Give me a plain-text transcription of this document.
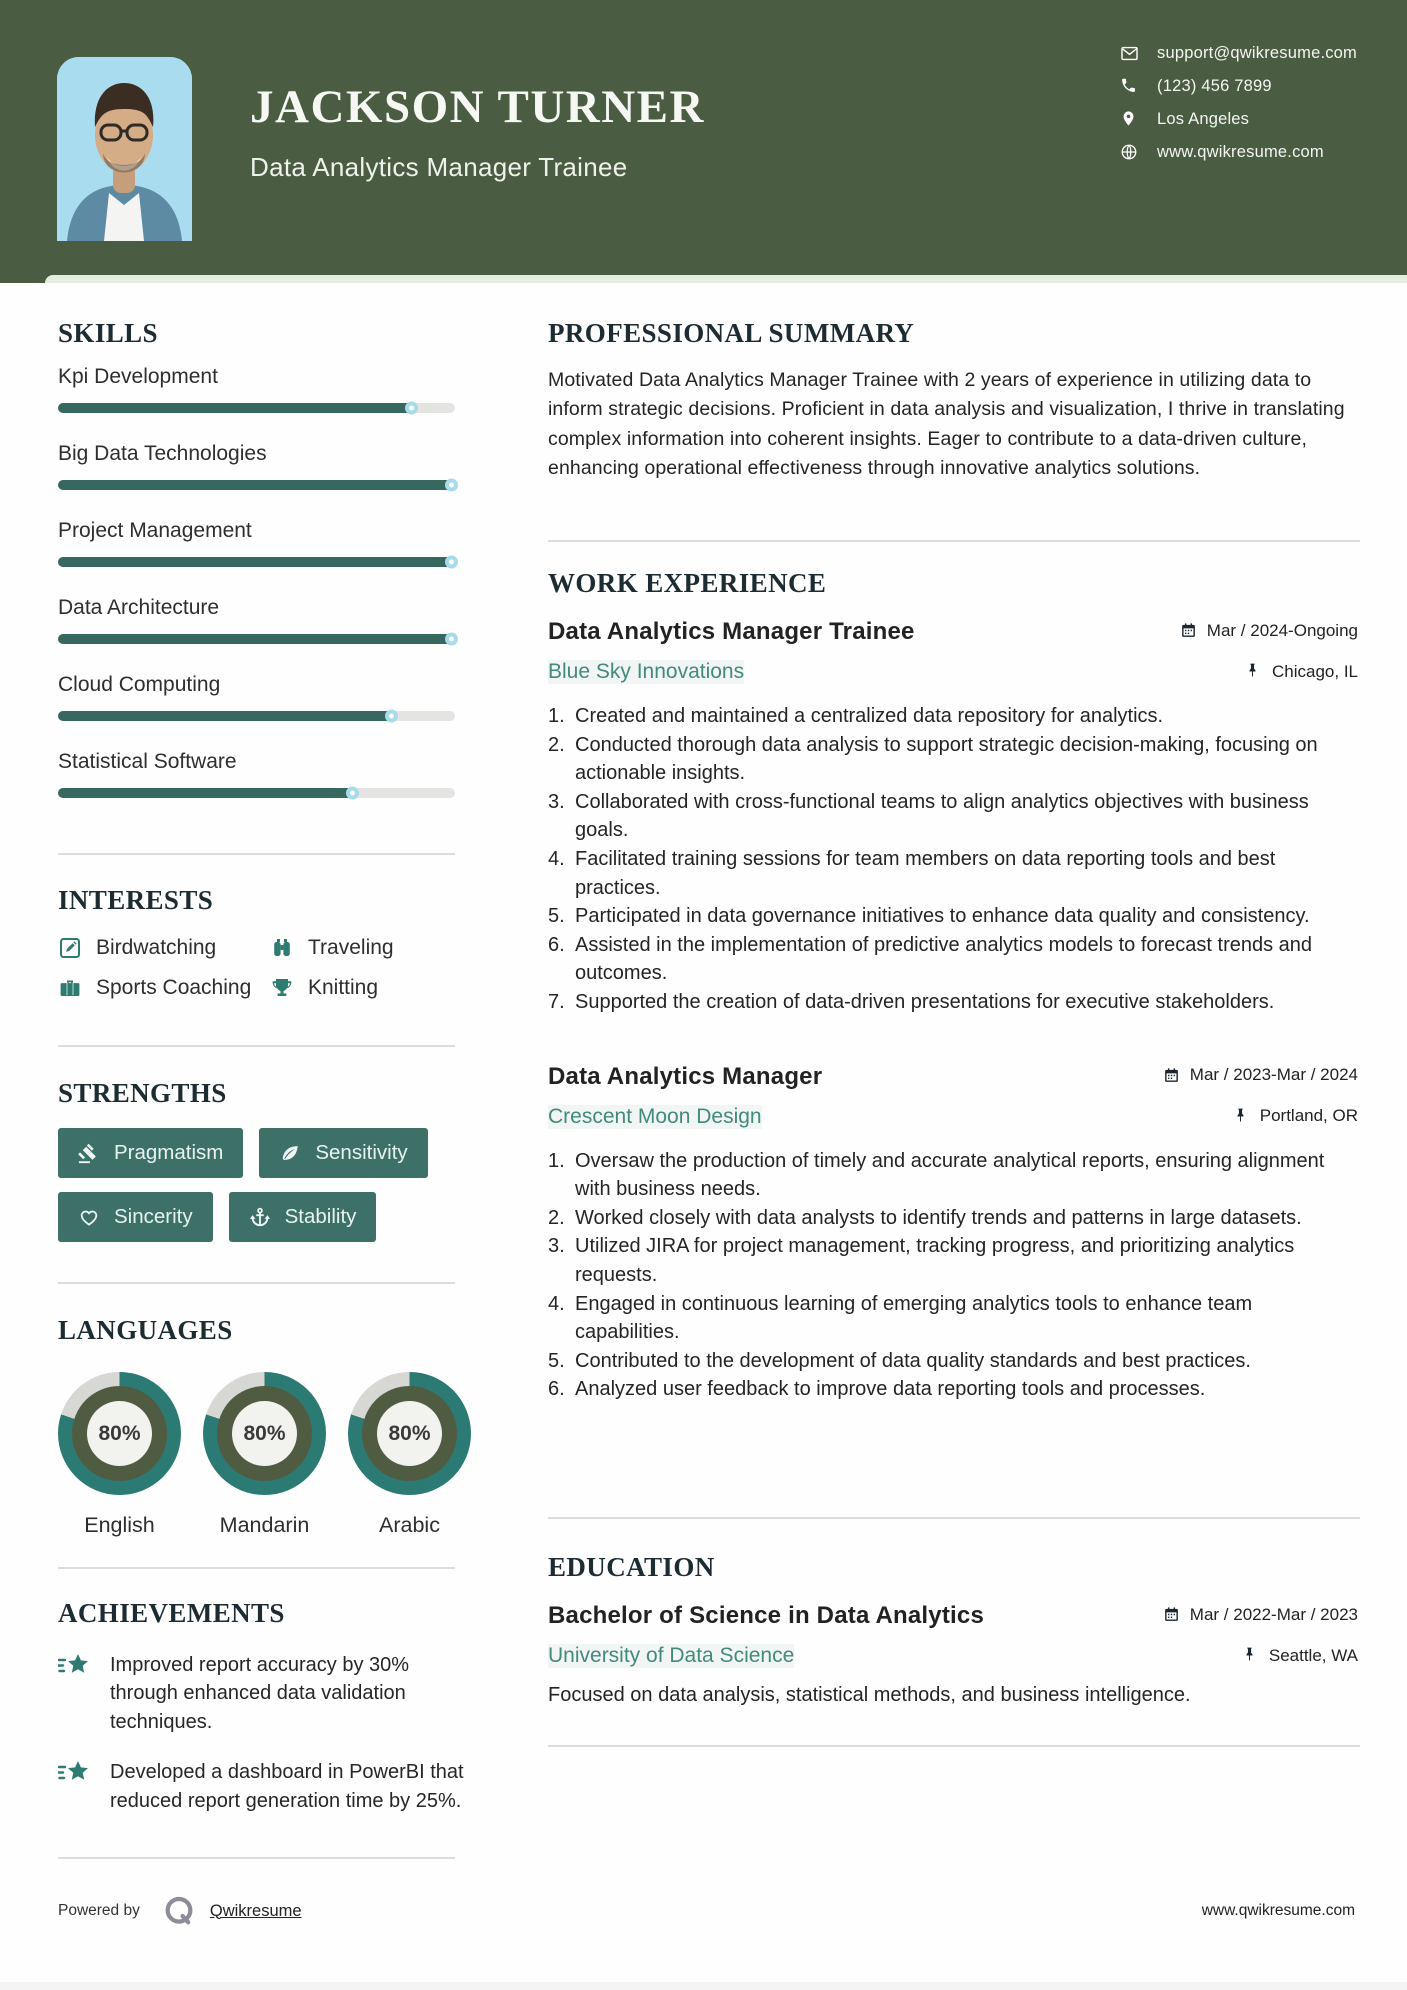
JACKSON TURNER
Data Analytics Manager Trainee
support@qwikresume.com
(123) 456 7899
Los Angeles
www.qwikresume.com
SKILLS
Kpi Development
Big Data Technologies
Project Management
Data Architecture
Cloud Computing
Statistical Software
INTERESTS
Birdwatching	Traveling
Sports Coaching	Knitting
STRENGTHS
Pragmatism	Sensitivity
Sincerity	Stability
LANGUAGES
80%
English
80%
Mandarin
80%
Arabic
ACHIEVEMENTS
Improved report accuracy by 30% through enhanced data validation techniques.
Developed a dashboard in PowerBI that reduced report generation time by 25%.
PROFESSIONAL SUMMARY

Motivated Data Analytics Manager Trainee with 2 years of experience in utilizing data to inform strategic decisions. Proficient in data analysis and visualization, I thrive in translating complex information into coherent insights. Eager to contribute to a data-driven culture, enhancing operational effectiveness through innovative analytics solutions.

WORK EXPERIENCE
Data Analytics Manager Trainee	Mar / 2024-Ongoing
Blue Sky Innovations	Chicago, IL
Created and maintained a centralized data repository for analytics.
Conducted thorough data analysis to support strategic decision-making, focusing on actionable insights.
Collaborated with cross-functional teams to align analytics objectives with business goals.
Facilitated training sessions for team members on data reporting tools and best practices.
Participated in data governance initiatives to enhance data quality and consistency.
Assisted in the implementation of predictive analytics models to forecast trends and outcomes.
Supported the creation of data-driven presentations for executive stakeholders.
Data Analytics Manager	Mar / 2023-Mar / 2024
Crescent Moon Design	Portland, OR
Oversaw the production of timely and accurate analytical reports, ensuring alignment with business needs.
Worked closely with data analysts to identify trends and patterns in large datasets.
Utilized JIRA for project management, tracking progress, and prioritizing analytics requests.
Engaged in continuous learning of emerging analytics tools to enhance team capabilities.
Contributed to the development of data quality standards and best practices.
Analyzed user feedback to improve data reporting tools and processes.
EDUCATION
Bachelor of Science in Data Analytics	Mar / 2022-Mar / 2023
University of Data Science	Seattle, WA

Focused on data analysis, statistical methods, and business intelligence.

Powered by	Qwikresume	www.qwikresume.com
